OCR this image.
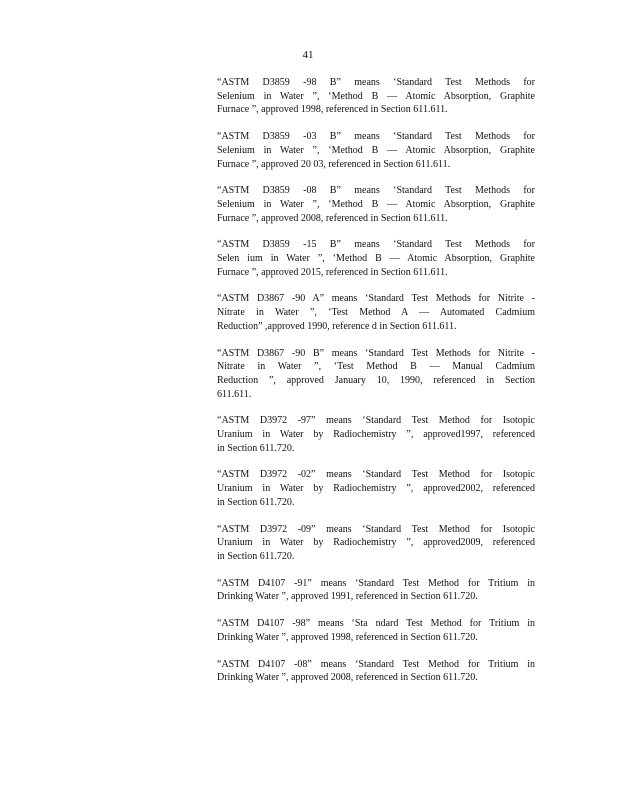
41
“ASTM D3859 -98 B” means ‘Standard Test Methods for
Selenium in Water ”, ‘Method B — Atomic Absorption, Graphite
Furnace ”, approved 1998, referenced in Section 611.611.
“ASTM D3859 -03 B” means ‘Standard Test Methods for
Selenium in Water ”, ‘Method B — Atomic Absorption, Graphite
Furnace ”, approved 20 03, referenced in Section 611.611.
“ASTM D3859 -08 B” means ‘Standard Test Methods for
Selenium in Water ”, ‘Method B — Atomic Absorption, Graphite
Furnace ”, approved 2008, referenced in Section 611.611.
“ASTM D3859 -15 B” means ‘Standard Test Methods for
Selen ium in Water ”, ‘Method B — Atomic Absorption, Graphite
Furnace ”, approved 2015, referenced in Section 611.611.
“ASTM D3867 -90 A” means ‘Standard Test Methods for Nitrite -
Nitrate in Water ”, ‘Test Method A — Automated Cadmium
Reduction” ,approved 1990, reference d in Section 611.611.
“ASTM D3867 -90 B” means ‘Standard Test Methods for Nitrite -
Nitrate in Water ”, ‘Test Method B — Manual Cadmium
Reduction ”, approved January 10, 1990, referenced in Section
611.611.
“ASTM D3972 -97” means ‘Standard Test Method for Isotopic
Uranium in Water by Radiochemistry ”, approved1997, referenced
in Section 611.720.
“ASTM D3972 -02” means ‘Standard Test Method for Isotopic
Uranium in Water by Radiochemistry ”, approved2002, referenced
in Section 611.720.
“ASTM D3972 -09” means ‘Standard Test Method for Isotopic
Uranium in Water by Radiochemistry ”, approved2009, referenced
in Section 611.720.
“ASTM D4107 -91” means ‘Standard Test Method for Tritium in
Drinking Water ”, approved 1991, referenced in Section 611.720.
“ASTM D4107 -98” means ‘Sta ndard Test Method for Tritium in
Drinking Water ”, approved 1998, referenced in Section 611.720.
“ASTM D4107 -08” means ‘Standard Test Method for Tritium in
Drinking Water ”, approved 2008, referenced in Section 611.720.
